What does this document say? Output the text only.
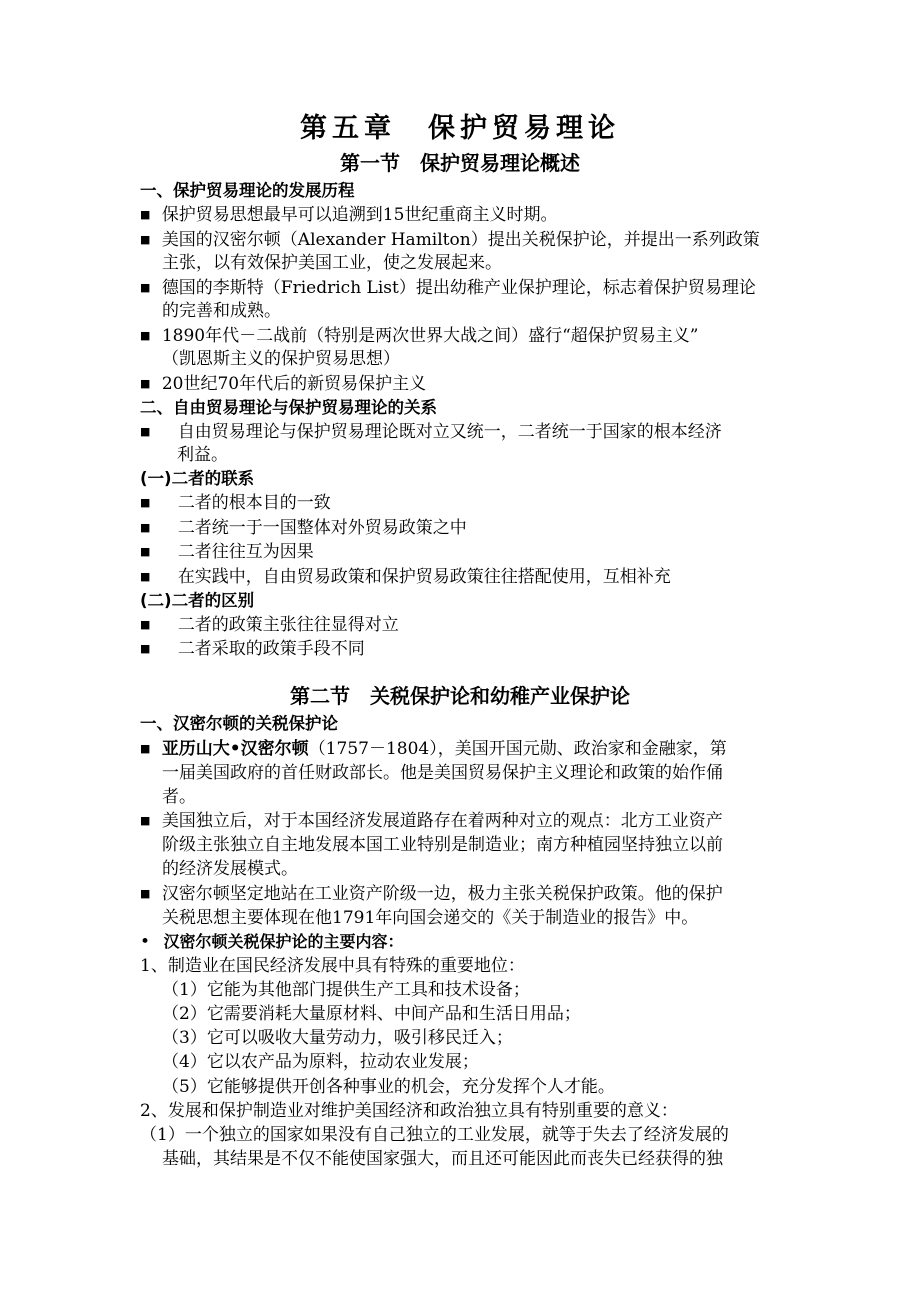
第五章　保护贸易理论
第一节　保护贸易理论概述
一、保护贸易理论的发展历程
■ 保护贸易思想最早可以追溯到15世纪重商主义时期。
■ 美国的汉密尔顿（Alexander Hamilton）提出关税保护论，并提出一系列政策
主张，以有效保护美国工业，使之发展起来。
■ 德国的李斯特（Friedrich List）提出幼稚产业保护理论，标志着保护贸易理论
的完善和成熟。
■ 1890年代－二战前（特别是两次世界大战之间）盛行“超保护贸易主义”
（凯恩斯主义的保护贸易思想）
■ 20世纪70年代后的新贸易保护主义
二、自由贸易理论与保护贸易理论的关系
■ 自由贸易理论与保护贸易理论既对立又统一，二者统一于国家的根本经济
利益。
(一)二者的联系
■ 二者的根本目的一致
■ 二者统一于一国整体对外贸易政策之中
■ 二者往往互为因果
■ 在实践中，自由贸易政策和保护贸易政策往往搭配使用，互相补充
(二)二者的区别
■ 二者的政策主张往往显得对立
■ 二者采取的政策手段不同
第二节　关税保护论和幼稚产业保护论
一、汉密尔顿的关税保护论
■ 亚历山大•汉密尔顿（1757－1804），美国开国元勋、政治家和金融家，第
一届美国政府的首任财政部长。他是美国贸易保护主义理论和政策的始作俑
者。
■ 美国独立后，对于本国经济发展道路存在着两种对立的观点：北方工业资产
阶级主张独立自主地发展本国工业特别是制造业；南方种植园坚持独立以前
的经济发展模式。
■ 汉密尔顿坚定地站在工业资产阶级一边，极力主张关税保护政策。他的保护
关税思想主要体现在他1791年向国会递交的《关于制造业的报告》中。
• 汉密尔顿关税保护论的主要内容：
1、制造业在国民经济发展中具有特殊的重要地位：
（1）它能为其他部门提供生产工具和技术设备；
（2）它需要消耗大量原材料、中间产品和生活日用品；
（3）它可以吸收大量劳动力，吸引移民迁入；
（4）它以农产品为原料，拉动农业发展；
（5）它能够提供开创各种事业的机会，充分发挥个人才能。
2、发展和保护制造业对维护美国经济和政治独立具有特别重要的意义：
（1）一个独立的国家如果没有自己独立的工业发展，就等于失去了经济发展的
基础，其结果是不仅不能使国家强大，而且还可能因此而丧失已经获得的独
